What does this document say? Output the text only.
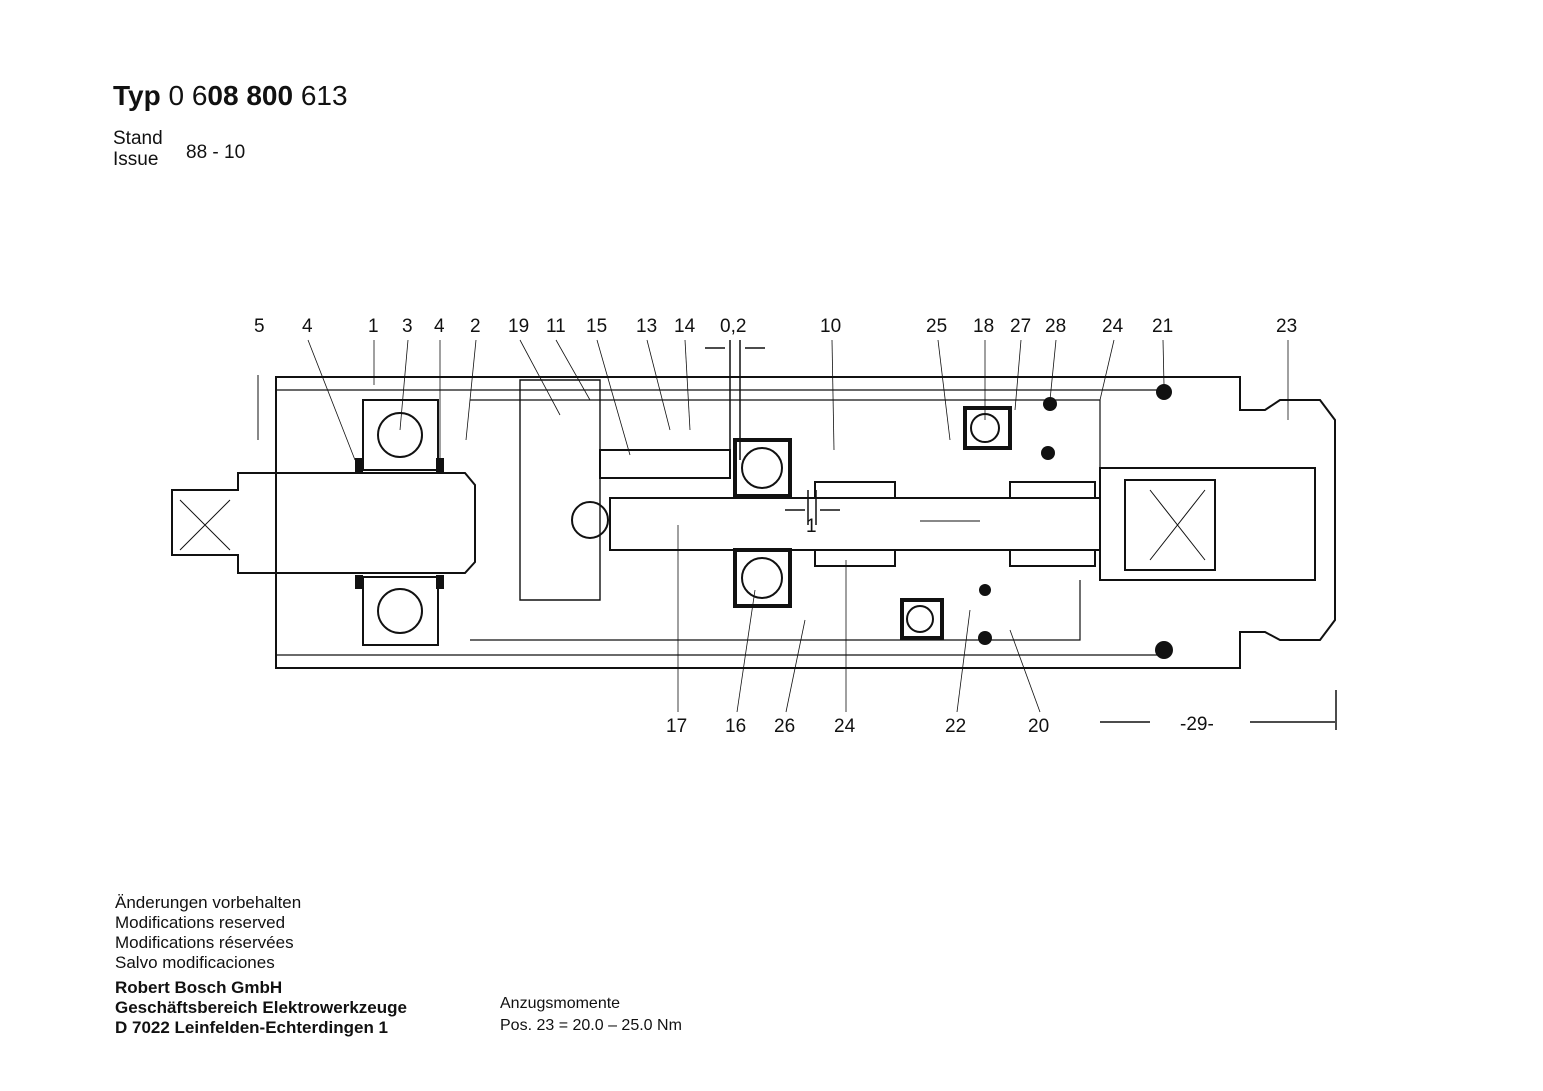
Typ 0 608 800 613
Stand
Issue 88 - 10
5 4	1 3 4 2 19 11 15 13 14 0,2	10	25 18 27 28 24 21	23
17 16 26 24	22	20	-29-
1
Änderungen vorbehalten
Modifications reserved
Modifications réservées
Salvo modificaciones
Robert Bosch GmbH
Geschäftsbereich Elektrowerkzeuge
D 7022 Leinfelden-Echterdingen 1
Anzugsmomente
Pos. 23 = 20.0 – 25.0 Nm
